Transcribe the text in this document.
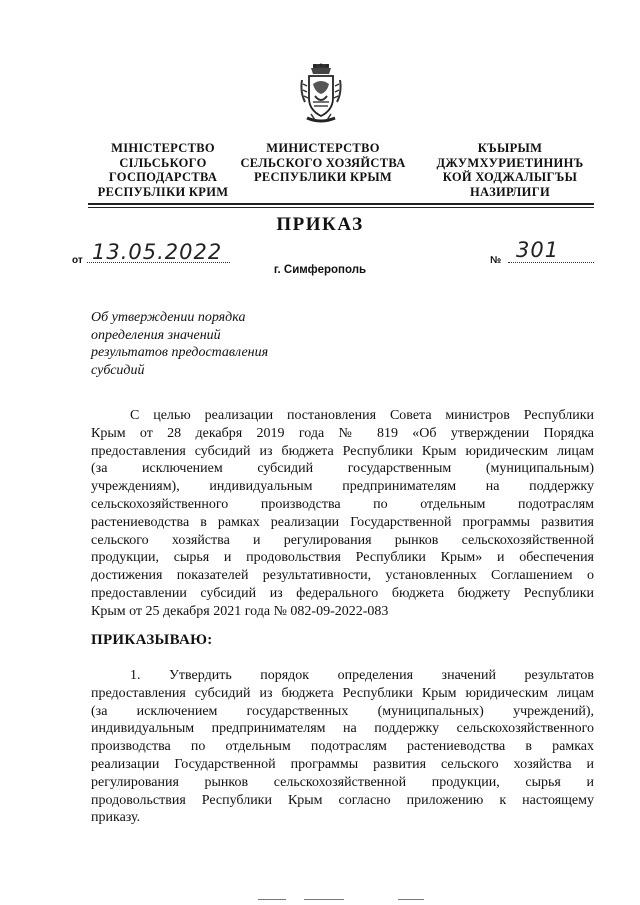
МІНІСТЕРСТВО
СІЛЬСЬКОГО
ГОСПОДАРСТВА
РЕСПУБЛІКИ КРИМ
МИНИСТЕРСТВО
СЕЛЬСКОГО ХОЗЯЙСТВА
РЕСПУБЛИКИ КРЫМ
КЪЫРЫМ
ДЖУМХУРИЕТИНИНЪ
КОЙ ХОДЖАЛЫГЪЫ
НАЗИРЛИГИ
ПРИКАЗ
от 13.05.2022	№ 301
г. Симферополь
Об утверждении порядка
определения значений
результатов предоставления
субсидий
С целью реализации постановления Совета министров Республики
Крым от 28 декабря 2019 года № 819 «Об утверждении Порядка
предоставления субсидий из бюджета Республики Крым юридическим лицам
(за исключением субсидий государственным (муниципальным)
учреждениям), индивидуальным предпринимателям на поддержку
сельскохозяйственного производства по отдельным подотраслям
растениеводства в рамках реализации Государственной программы развития
сельского хозяйства и регулирования рынков сельскохозяйственной
продукции, сырья и продовольствия Республики Крым» и обеспечения
достижения показателей результативности, установленных Соглашением о
предоставлении субсидий из федерального бюджета бюджету Республики
Крым от 25 декабря 2021 года № 082-09-2022-083
ПРИКАЗЫВАЮ:
1. Утвердить порядок определения значений результатов
предоставления субсидий из бюджета Республики Крым юридическим лицам
(за исключением государственных (муниципальных) учреждений),
индивидуальным предпринимателям на поддержку сельскохозяйственного
производства по отдельным подотраслям растениеводства в рамках
реализации Государственной программы развития сельского хозяйства и
регулирования рынков сельскохозяйственной продукции, сырья и
продовольствия Республики Крым согласно приложению к настоящему
приказу.
